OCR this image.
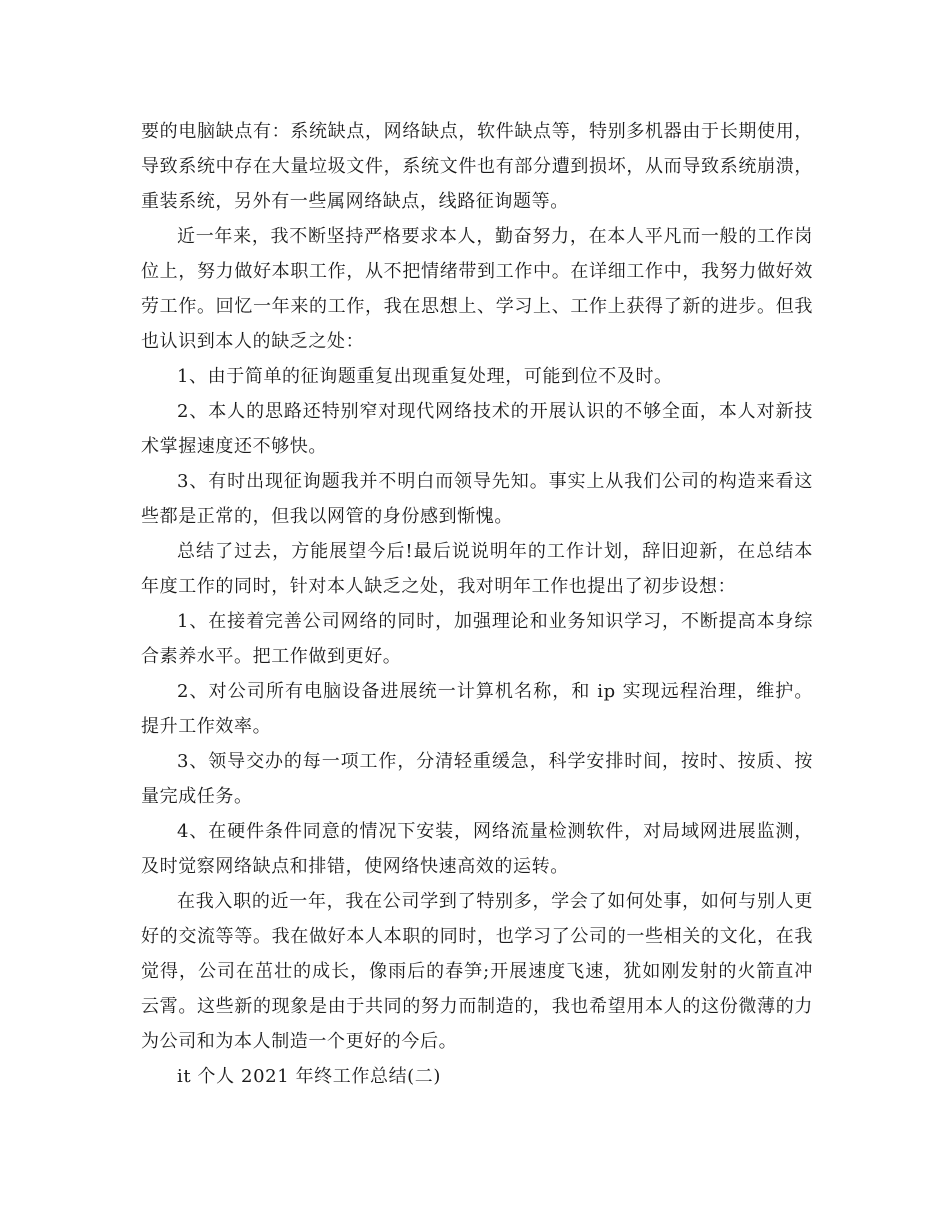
要的电脑缺点有：系统缺点，网络缺点，软件缺点等，特别多机器由于长期使用，导致系统中存在大量垃圾文件，系统文件也有部分遭到损坏，从而导致系统崩溃，重装系统，另外有一些属网络缺点，线路征询题等。

近一年来，我不断坚持严格要求本人，勤奋努力，在本人平凡而一般的工作岗位上，努力做好本职工作，从不把情绪带到工作中。在详细工作中，我努力做好效劳工作。回忆一年来的工作，我在思想上、学习上、工作上获得了新的进步。但我也认识到本人的缺乏之处：

1、由于简单的征询题重复出现重复处理，可能到位不及时。

2、本人的思路还特别窄对现代网络技术的开展认识的不够全面，本人对新技术掌握速度还不够快。

3、有时出现征询题我并不明白而领导先知。事实上从我们公司的构造来看这些都是正常的，但我以网管的身份感到惭愧。

总结了过去，方能展望今后!最后说说明年的工作计划，辞旧迎新，在总结本年度工作的同时，针对本人缺乏之处，我对明年工作也提出了初步设想：

1、在接着完善公司网络的同时，加强理论和业务知识学习，不断提高本身综合素养水平。把工作做到更好。

2、对公司所有电脑设备进展统一计算机名称，和 ip 实现远程治理，维护。提升工作效率。

3、领导交办的每一项工作，分清轻重缓急，科学安排时间，按时、按质、按量完成任务。

4、在硬件条件同意的情况下安装，网络流量检测软件，对局域网进展监测，及时觉察网络缺点和排错，使网络快速高效的运转。

在我入职的近一年，我在公司学到了特别多，学会了如何处事，如何与别人更好的交流等等。我在做好本人本职的同时，也学习了公司的一些相关的文化，在我觉得，公司在茁壮的成长，像雨后的春笋;开展速度飞速，犹如刚发射的火箭直冲云霄。这些新的现象是由于共同的努力而制造的，我也希望用本人的这份微薄的力为公司和为本人制造一个更好的今后。

it 个人 2021 年终工作总结(二)
